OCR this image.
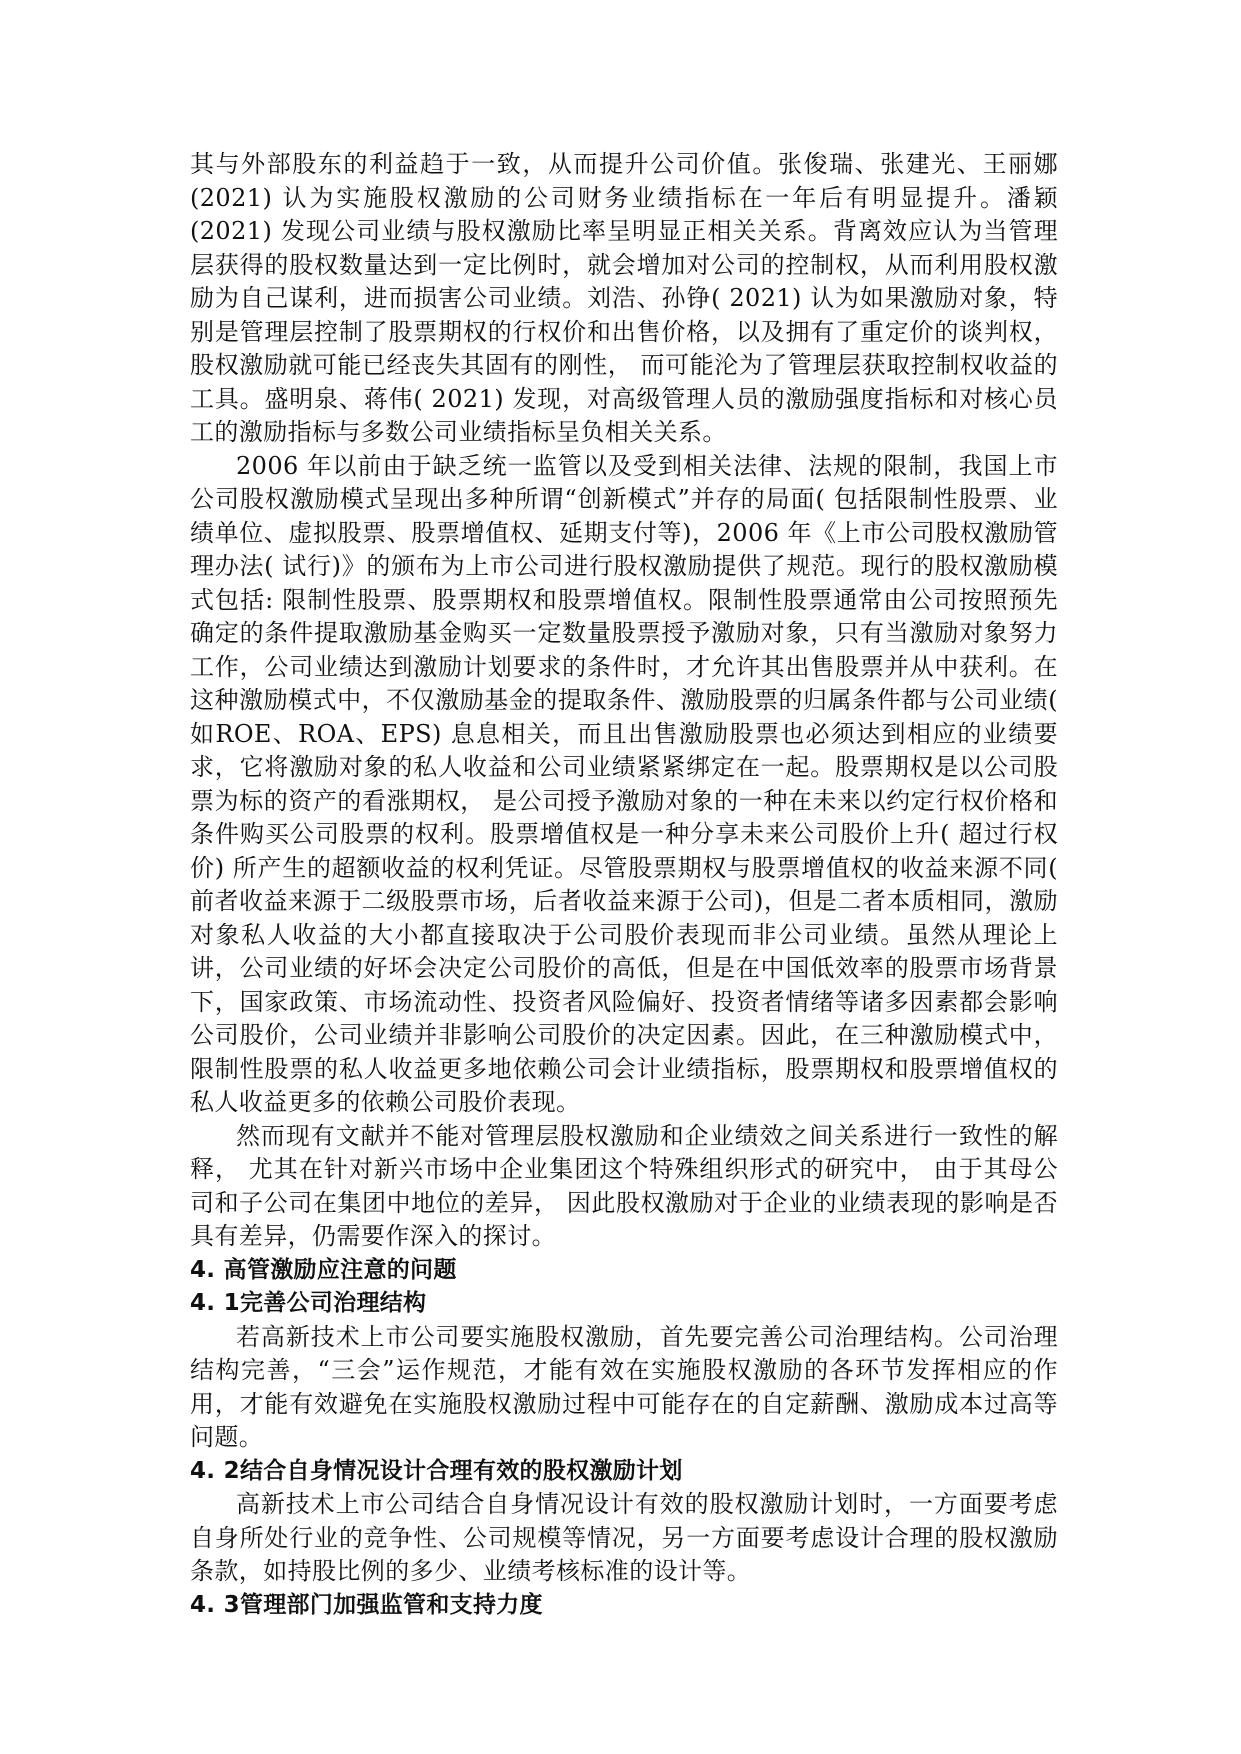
其与外部股东的利益趋于一致，从而提升公司价值。张俊瑞、张建光、王丽娜(2021) 认为实施股权激励的公司财务业绩指标在一年后有明显提升。潘颖(2021) 发现公司业绩与股权激励比率呈明显正相关关系。背离效应认为当管理层获得的股权数量达到一定比例时，就会增加对公司的控制权，从而利用股权激励为自己谋利，进而损害公司业绩。刘浩、孙铮( 2021) 认为如果激励对象，特别是管理层控制了股票期权的行权价和出售价格，以及拥有了重定价的谈判权，股权激励就可能已经丧失其固有的刚性， 而可能沦为了管理层获取控制权收益的工具。盛明泉、蒋伟( 2021) 发现，对高级管理人员的激励强度指标和对核心员工的激励指标与多数公司业绩指标呈负相关关系。

2006 年以前由于缺乏统一监管以及受到相关法律、法规的限制，我国上市公司股权激励模式呈现出多种所谓“创新模式”并存的局面( 包括限制性股票、业绩单位、虚拟股票、股票增值权、延期支付等)，2006 年《上市公司股权激励管理办法( 试行)》的颁布为上市公司进行股权激励提供了规范。现行的股权激励模式包括: 限制性股票、股票期权和股票增值权。限制性股票通常由公司按照预先确定的条件提取激励基金购买一定数量股票授予激励对象，只有当激励对象努力工作，公司业绩达到激励计划要求的条件时，才允许其出售股票并从中获利。在这种激励模式中，不仅激励基金的提取条件、激励股票的归属条件都与公司业绩( 如ROE、ROA、EPS) 息息相关，而且出售激励股票也必须达到相应的业绩要求，它将激励对象的私人收益和公司业绩紧紧绑定在一起。股票期权是以公司股票为标的资产的看涨期权， 是公司授予激励对象的一种在未来以约定行权价格和条件购买公司股票的权利。股票增值权是一种分享未来公司股价上升( 超过行权价) 所产生的超额收益的权利凭证。尽管股票期权与股票增值权的收益来源不同( 前者收益来源于二级股票市场，后者收益来源于公司)，但是二者本质相同，激励对象私人收益的大小都直接取决于公司股价表现而非公司业绩。虽然从理论上讲，公司业绩的好坏会决定公司股价的高低，但是在中国低效率的股票市场背景下，国家政策、市场流动性、投资者风险偏好、投资者情绪等诸多因素都会影响公司股价，公司业绩并非影响公司股价的决定因素。因此，在三种激励模式中，限制性股票的私人收益更多地依赖公司会计业绩指标，股票期权和股票增值权的私人收益更多的依赖公司股价表现。

然而现有文献并不能对管理层股权激励和企业绩效之间关系进行一致性的解释， 尤其在针对新兴市场中企业集团这个特殊组织形式的研究中， 由于其母公司和子公司在集团中地位的差异， 因此股权激励对于企业的业绩表现的影响是否具有差异，仍需要作深入的探讨。

4. 高管激励应注意的问题
4. 1完善公司治理结构

若高新技术上市公司要实施股权激励，首先要完善公司治理结构。公司治理结构完善，“三会”运作规范，才能有效在实施股权激励的各环节发挥相应的作用，才能有效避免在实施股权激励过程中可能存在的自定薪酬、激励成本过高等问题。

4. 2结合自身情况设计合理有效的股权激励计划

高新技术上市公司结合自身情况设计有效的股权激励计划时，一方面要考虑自身所处行业的竞争性、公司规模等情况，另一方面要考虑设计合理的股权激励条款，如持股比例的多少、业绩考核标准的设计等。

4. 3管理部门加强监管和支持力度
